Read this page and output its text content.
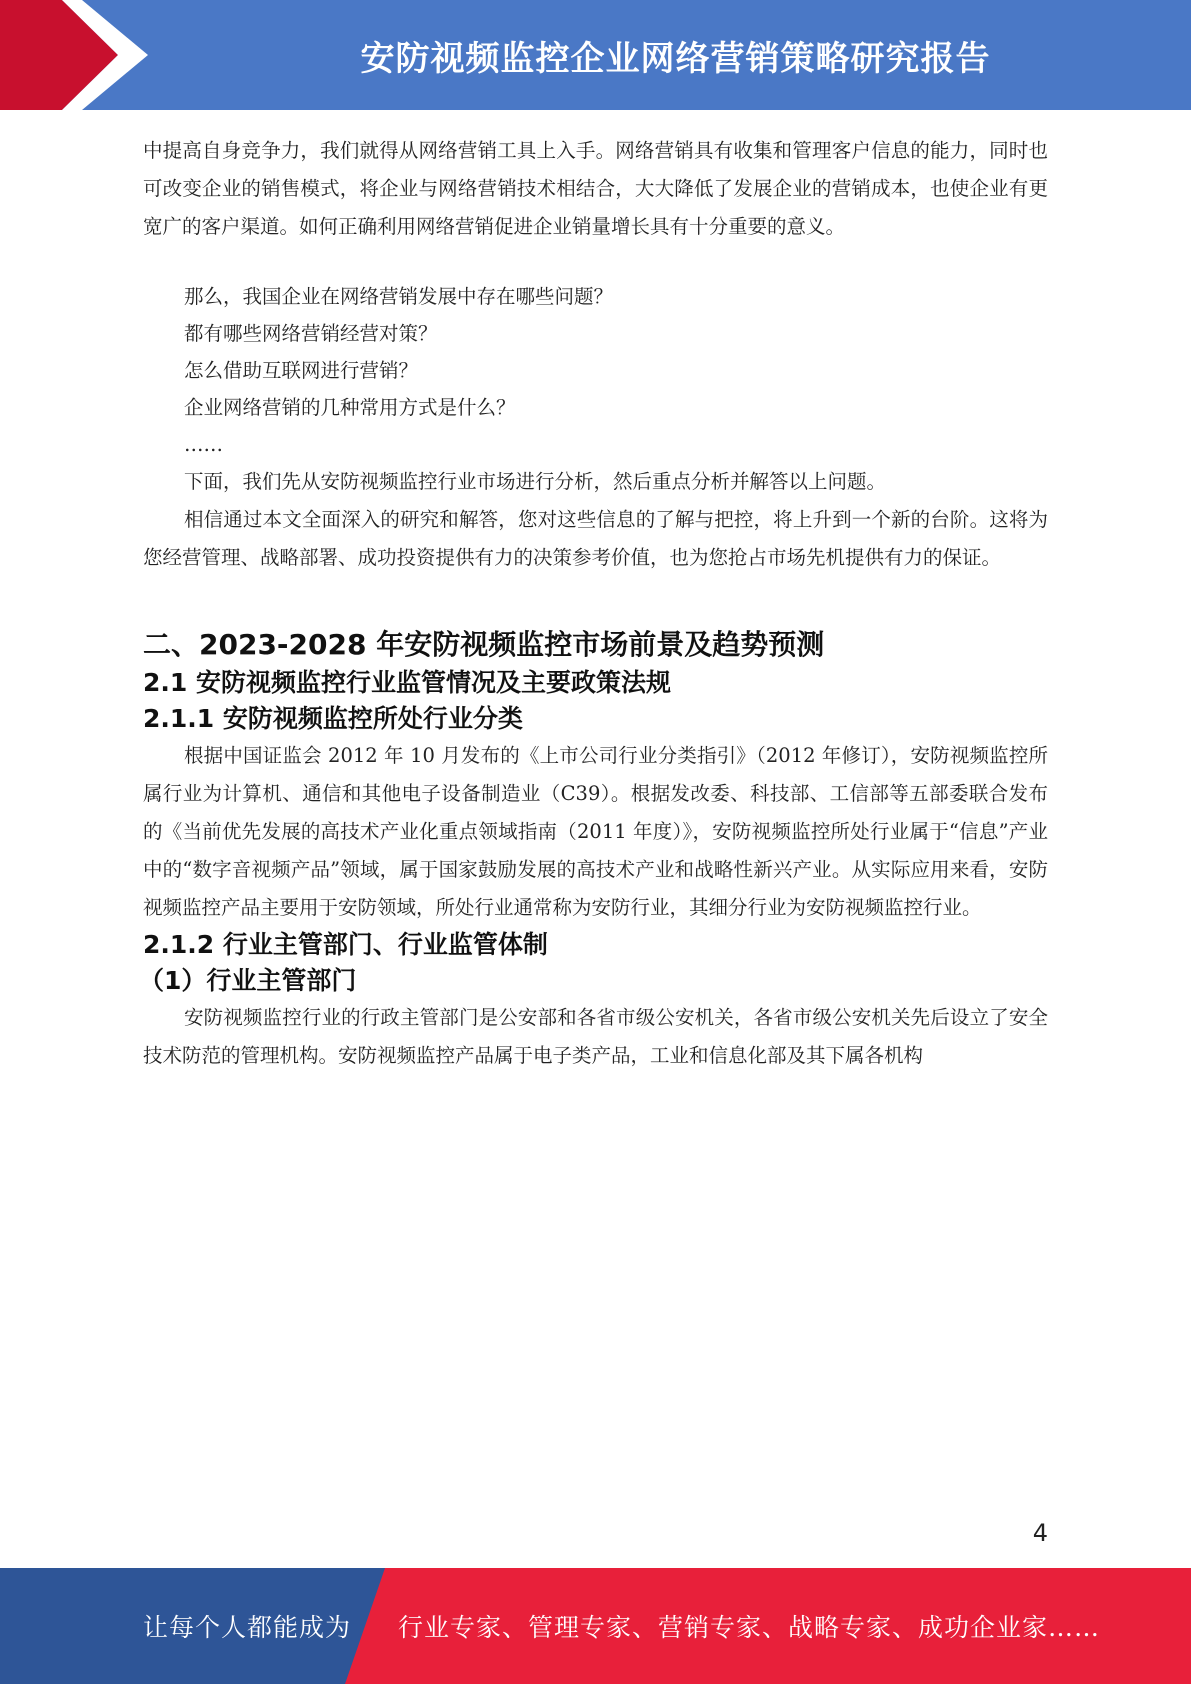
安防视频监控企业网络营销策略研究报告

中提高自身竞争力，我们就得从网络营销工具上入手。网络营销具有收集和管理客户信息的能力，同时也可改变企业的销售模式，将企业与网络营销技术相结合，大大降低了发展企业的营销成本，也使企业有更宽广的客户渠道。如何正确利用网络营销促进企业销量增长具有十分重要的意义。

那么，我国企业在网络营销发展中存在哪些问题？
都有哪些网络营销经营对策？
怎么借助互联网进行营销？
企业网络营销的几种常用方式是什么？
……

下面，我们先从安防视频监控行业市场进行分析，然后重点分析并解答以上问题。

相信通过本文全面深入的研究和解答，您对这些信息的了解与把控，将上升到一个新的台阶。这将为您经营管理、战略部署、成功投资提供有力的决策参考价值，也为您抢占市场先机提供有力的保证。

二、2023-2028 年安防视频监控市场前景及趋势预测
2.1 安防视频监控行业监管情况及主要政策法规
2.1.1 安防视频监控所处行业分类

根据中国证监会 2012 年 10 月发布的《上市公司行业分类指引》（2012 年修订），安防视频监控所属行业为计算机、通信和其他电子设备制造业（C39）。根据发改委、科技部、工信部等五部委联合发布的《当前优先发展的高技术产业化重点领域指南（2011 年度）》，安防视频监控所处行业属于“信息”产业中的“数字音视频产品”领域，属于国家鼓励发展的高技术产业和战略性新兴产业。从实际应用来看，安防视频监控产品主要用于安防领域，所处行业通常称为安防行业，其细分行业为安防视频监控行业。

2.1.2 行业主管部门、行业监管体制
（1）行业主管部门

安防视频监控行业的行政主管部门是公安部和各省市级公安机关，各省市级公安机关先后设立了安全技术防范的管理机构。安防视频监控产品属于电子类产品，工业和信息化部及其下属各机构

4
让每个人都能成为 行业专家、管理专家、营销专家、战略专家、成功企业家……
